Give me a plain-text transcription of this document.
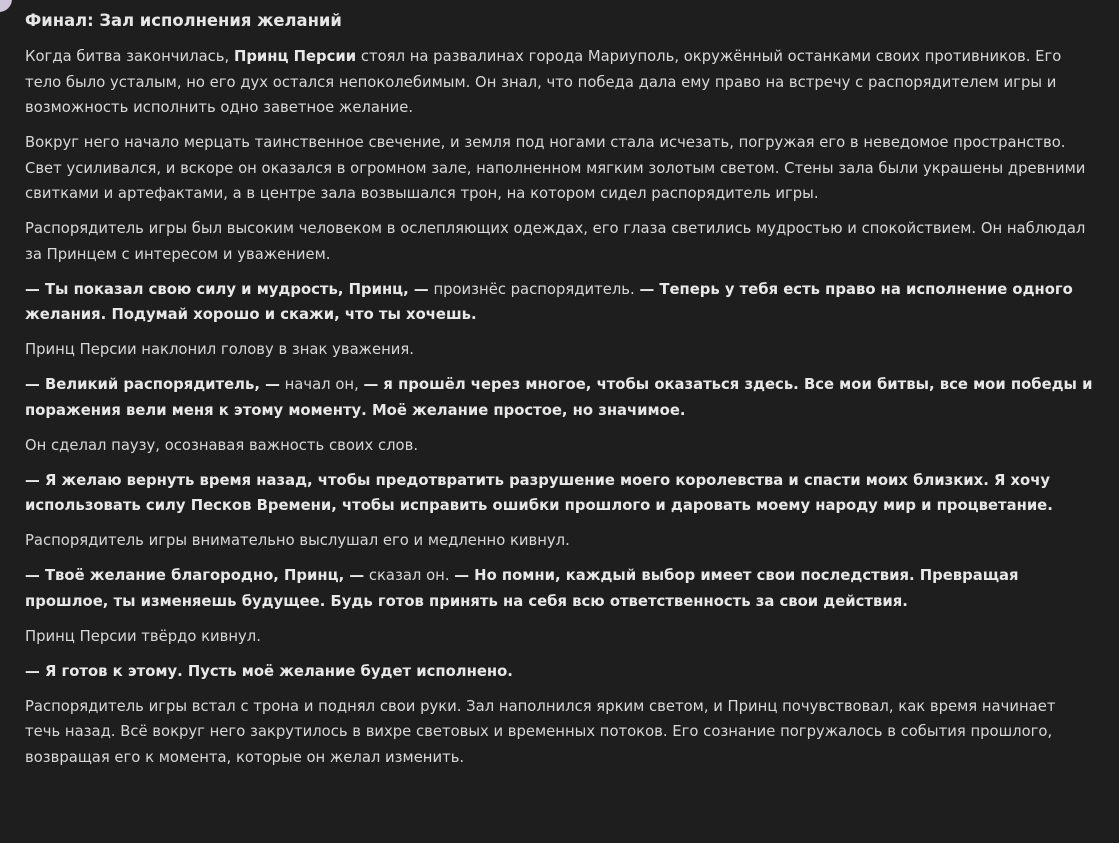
Финал: Зал исполнения желаний

Когда битва закончилась, Принц Персии стоял на развалинах города Мариуполь, окружённый останками своих противников. Его тело было усталым, но его дух остался непоколебимым. Он знал, что победа дала ему право на встречу с распорядителем игры и возможность исполнить одно заветное желание.

Вокруг него начало мерцать таинственное свечение, и земля под ногами стала исчезать, погружая его в неведомое пространство. Свет усиливался, и вскоре он оказался в огромном зале, наполненном мягким золотым светом. Стены зала были украшены древними свитками и артефактами, а в центре зала возвышался трон, на котором сидел распорядитель игры.

Распорядитель игры был высоким человеком в ослепляющих одеждах, его глаза светились мудростью и спокойствием. Он наблюдал за Принцем с интересом и уважением.

— Ты показал свою силу и мудрость, Принц, — произнёс распорядитель. — Теперь у тебя есть право на исполнение одного желания. Подумай хорошо и скажи, что ты хочешь.

Принц Персии наклонил голову в знак уважения.

— Великий распорядитель, — начал он, — я прошёл через многое, чтобы оказаться здесь. Все мои битвы, все мои победы и поражения вели меня к этому моменту. Моё желание простое, но значимое.

Он сделал паузу, осознавая важность своих слов.

— Я желаю вернуть время назад, чтобы предотвратить разрушение моего королевства и спасти моих близких. Я хочу использовать силу Песков Времени, чтобы исправить ошибки прошлого и даровать моему народу мир и процветание.

Распорядитель игры внимательно выслушал его и медленно кивнул.

— Твоё желание благородно, Принц, — сказал он. — Но помни, каждый выбор имеет свои последствия. Превращая прошлое, ты изменяешь будущее. Будь готов принять на себя всю ответственность за свои действия.

Принц Персии твёрдо кивнул.

— Я готов к этому. Пусть моё желание будет исполнено.

Распорядитель игры встал с трона и поднял свои руки. Зал наполнился ярким светом, и Принц почувствовал, как время начинает течь назад. Всё вокруг него закрутилось в вихре световых и временных потоков. Его сознание погружалось в события прошлого, возвращая его к момента, которые он желал изменить.
